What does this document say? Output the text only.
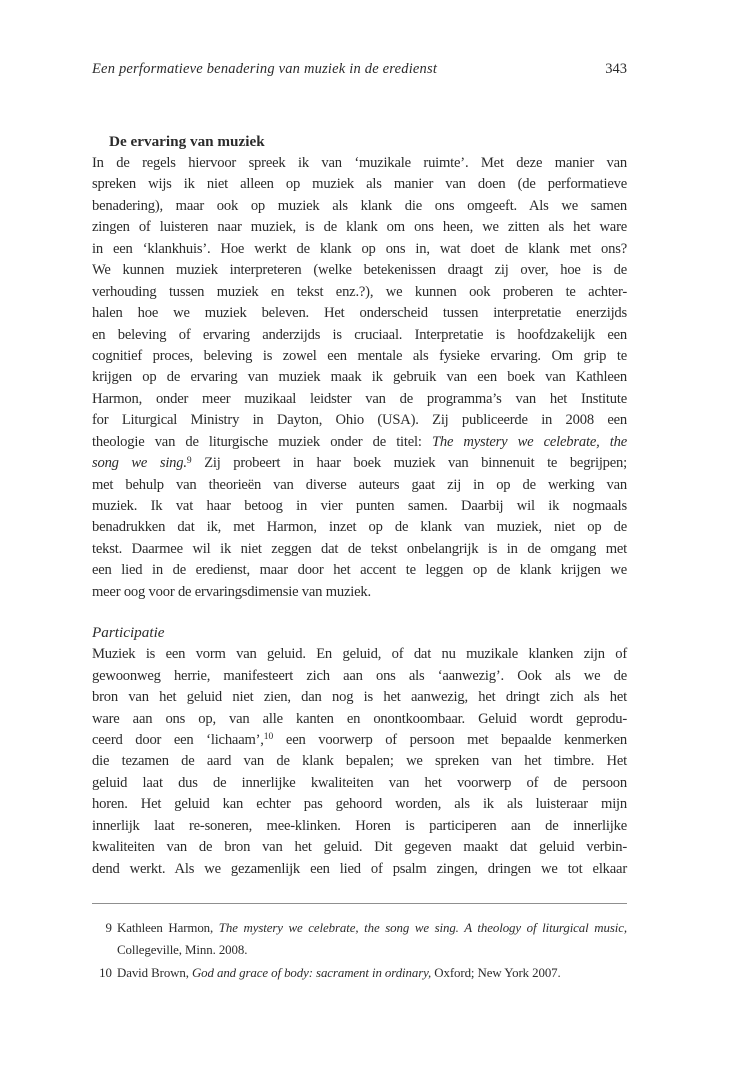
Een performatieve benadering van muziek in de eredienst	343
De ervaring van muziek
In de regels hiervoor spreek ik van ‘muzikale ruimte’. Met deze manier van
spreken wijs ik niet alleen op muziek als manier van doen (de performatieve
benadering), maar ook op muziek als klank die ons omgeeft. Als we samen
zingen of luisteren naar muziek, is de klank om ons heen, we zitten als het ware
in een ‘klankhuis’. Hoe werkt de klank op ons in, wat doet de klank met ons?
We kunnen muziek interpreteren (welke betekenissen draagt zij over, hoe is de
verhouding tussen muziek en tekst enz.?), we kunnen ook proberen te achter-
halen hoe we muziek beleven. Het onderscheid tussen interpretatie enerzijds
en beleving of ervaring anderzijds is cruciaal. Interpretatie is hoofdzakelijk een
cognitief proces, beleving is zowel een mentale als fysieke ervaring. Om grip te
krijgen op de ervaring van muziek maak ik gebruik van een boek van Kathleen
Harmon, onder meer muzikaal leidster van de programma’s van het Institute
for Liturgical Ministry in Dayton, Ohio (USA). Zij publiceerde in 2008 een
theologie van de liturgische muziek onder de titel: The mystery we celebrate, the
song we sing.$^9$ Zij probeert in haar boek muziek van binnenuit te begrijpen;
met behulp van theorieën van diverse auteurs gaat zij in op de werking van
muziek. Ik vat haar betoog in vier punten samen. Daarbij wil ik nogmaals
benadrukken dat ik, met Harmon, inzet op de klank van muziek, niet op de
tekst. Daarmee wil ik niet zeggen dat de tekst onbelangrijk is in de omgang met
een lied in de eredienst, maar door het accent te leggen op de klank krijgen we
meer oog voor de ervaringsdimensie van muziek.
Participatie
Muziek is een vorm van geluid. En geluid, of dat nu muzikale klanken zijn of
gewoonweg herrie, manifesteert zich aan ons als ‘aanwezig’. Ook als we de
bron van het geluid niet zien, dan nog is het aanwezig, het dringt zich als het
ware aan ons op, van alle kanten en onontkoombaar. Geluid wordt geprodu-
ceerd door een ‘lichaam’,$^{10}$ een voorwerp of persoon met bepaalde kenmerken
die tezamen de aard van de klank bepalen; we spreken van het timbre. Het
geluid laat dus de innerlijke kwaliteiten van het voorwerp of de persoon
horen. Het geluid kan echter pas gehoord worden, als ik als luisteraar mijn
innerlijk laat re-soneren, mee-klinken. Horen is participeren aan de innerlijke
kwaliteiten van de bron van het geluid. Dit gegeven maakt dat geluid verbin-
dend werkt. Als we gezamenlijk een lied of psalm zingen, dringen we tot elkaar
9 Kathleen Harmon, The mystery we celebrate, the song we sing. A theology of liturgical music,
Collegeville, Minn. 2008.
10 David Brown, God and grace of body: sacrament in ordinary, Oxford; New York 2007.
